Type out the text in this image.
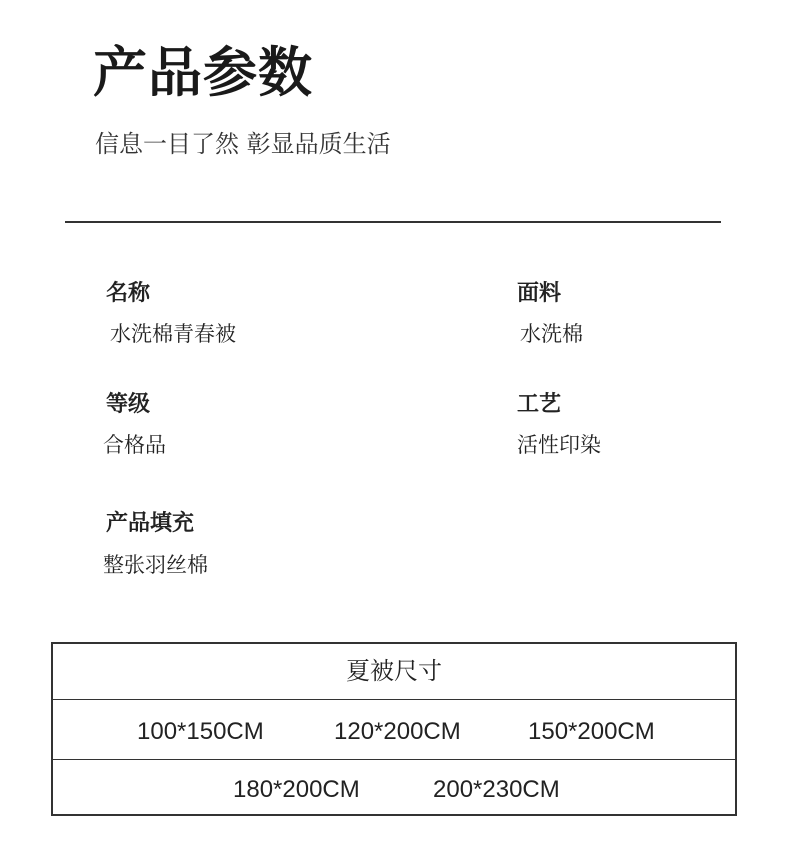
产品参数
信息一目了然 彰显品质生活
名称
水洗棉青春被
面料
水洗棉
等级
合格品
工艺
活性印染
产品填充
整张羽丝棉
夏被尺寸
100*150CM	120*200CM	150*200CM
180*200CM	200*230CM
